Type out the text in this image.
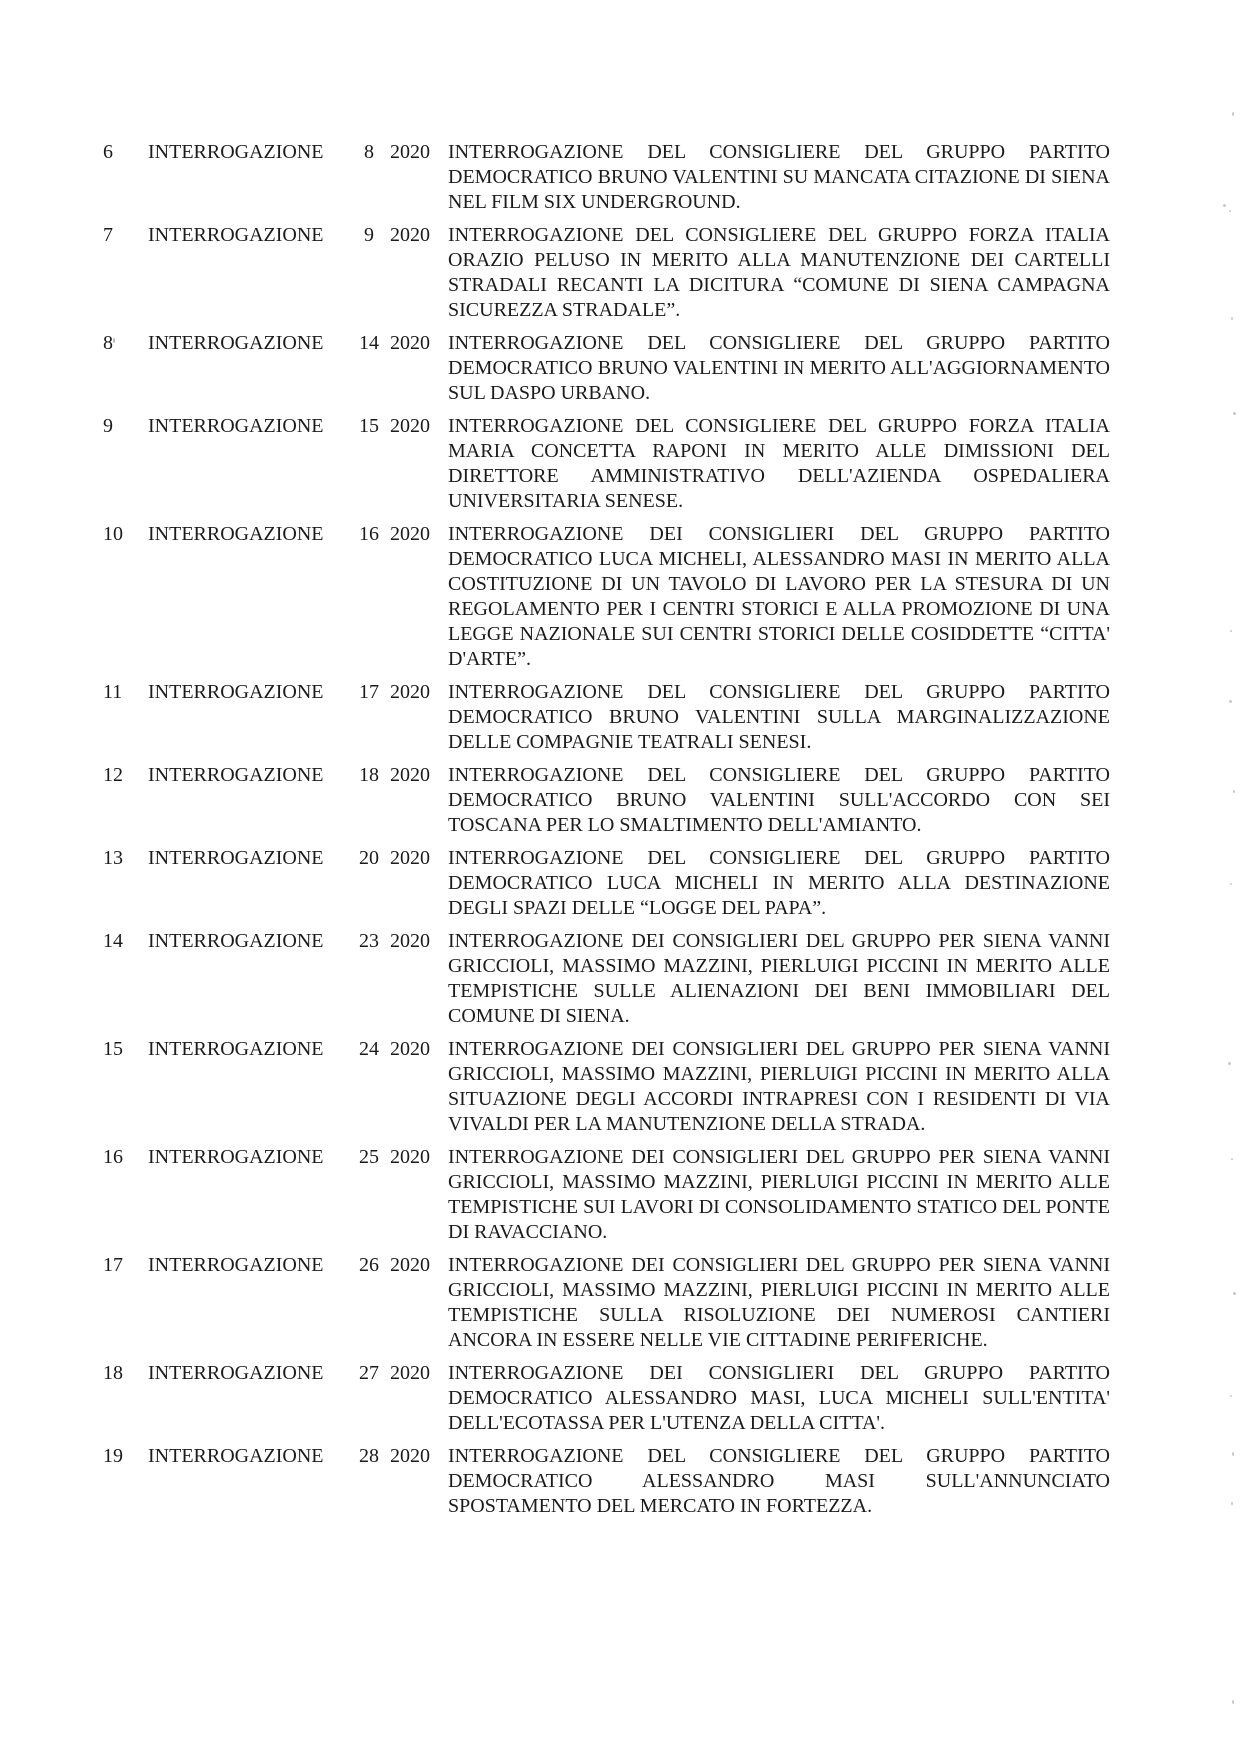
6	INTERROGAZIONE	8 2020 INTERROGAZIONE DEL CONSIGLIERE DEL GRUPPO PARTITO DEMOCRATICO BRUNO VALENTINI SU MANCATA CITAZIONE DI SIENA NEL FILM SIX UNDERGROUND.
7	INTERROGAZIONE	9 2020 INTERROGAZIONE DEL CONSIGLIERE DEL GRUPPO FORZA ITALIA ORAZIO PELUSO IN MERITO ALLA MANUTENZIONE DEI CARTELLI STRADALI RECANTI LA DICITURA “COMUNE DI SIENA CAMPAGNA SICUREZZA STRADALE”.
8	INTERROGAZIONE	14 2020 INTERROGAZIONE DEL CONSIGLIERE DEL GRUPPO PARTITO DEMOCRATICO BRUNO VALENTINI IN MERITO ALL'AGGIORNAMENTO SUL DASPO URBANO.
9	INTERROGAZIONE	15 2020 INTERROGAZIONE DEL CONSIGLIERE DEL GRUPPO FORZA ITALIA MARIA CONCETTA RAPONI IN MERITO ALLE DIMISSIONI DEL DIRETTORE AMMINISTRATIVO DELL'AZIENDA OSPEDALIERA UNIVERSITARIA SENESE.
10	INTERROGAZIONE	16 2020 INTERROGAZIONE DEI CONSIGLIERI DEL GRUPPO PARTITO DEMOCRATICO LUCA MICHELI, ALESSANDRO MASI IN MERITO ALLA COSTITUZIONE DI UN TAVOLO DI LAVORO PER LA STESURA DI UN REGOLAMENTO PER I CENTRI STORICI E ALLA PROMOZIONE DI UNA LEGGE NAZIONALE SUI CENTRI STORICI DELLE COSIDDETTE “CITTA' D'ARTE”.
11	INTERROGAZIONE	17 2020 INTERROGAZIONE DEL CONSIGLIERE DEL GRUPPO PARTITO DEMOCRATICO BRUNO VALENTINI SULLA MARGINALIZZAZIONE DELLE COMPAGNIE TEATRALI SENESI.
12	INTERROGAZIONE	18 2020 INTERROGAZIONE DEL CONSIGLIERE DEL GRUPPO PARTITO DEMOCRATICO BRUNO VALENTINI SULL'ACCORDO CON SEI TOSCANA PER LO SMALTIMENTO DELL'AMIANTO.
13	INTERROGAZIONE	20 2020 INTERROGAZIONE DEL CONSIGLIERE DEL GRUPPO PARTITO DEMOCRATICO LUCA MICHELI IN MERITO ALLA DESTINAZIONE DEGLI SPAZI DELLE “LOGGE DEL PAPA”.
14	INTERROGAZIONE	23 2020 INTERROGAZIONE DEI CONSIGLIERI DEL GRUPPO PER SIENA VANNI GRICCIOLI, MASSIMO MAZZINI, PIERLUIGI PICCINI IN MERITO ALLE TEMPISTICHE SULLE ALIENAZIONI DEI BENI IMMOBILIARI DEL COMUNE DI SIENA.
15	INTERROGAZIONE	24 2020 INTERROGAZIONE DEI CONSIGLIERI DEL GRUPPO PER SIENA VANNI GRICCIOLI, MASSIMO MAZZINI, PIERLUIGI PICCINI IN MERITO ALLA SITUAZIONE DEGLI ACCORDI INTRAPRESI CON I RESIDENTI DI VIA VIVALDI PER LA MANUTENZIONE DELLA STRADA.
16	INTERROGAZIONE	25 2020 INTERROGAZIONE DEI CONSIGLIERI DEL GRUPPO PER SIENA VANNI GRICCIOLI, MASSIMO MAZZINI, PIERLUIGI PICCINI IN MERITO ALLE TEMPISTICHE SUI LAVORI DI CONSOLIDAMENTO STATICO DEL PONTE DI RAVACCIANO.
17	INTERROGAZIONE	26 2020 INTERROGAZIONE DEI CONSIGLIERI DEL GRUPPO PER SIENA VANNI GRICCIOLI, MASSIMO MAZZINI, PIERLUIGI PICCINI IN MERITO ALLE TEMPISTICHE SULLA RISOLUZIONE DEI NUMEROSI CANTIERI ANCORA IN ESSERE NELLE VIE CITTADINE PERIFERICHE.
18	INTERROGAZIONE	27 2020 INTERROGAZIONE DEI CONSIGLIERI DEL GRUPPO PARTITO DEMOCRATICO ALESSANDRO MASI, LUCA MICHELI SULL'ENTITA' DELL'ECOTASSA PER L'UTENZA DELLA CITTA'.
19	INTERROGAZIONE	28 2020 INTERROGAZIONE DEL CONSIGLIERE DEL GRUPPO PARTITO DEMOCRATICO ALESSANDRO MASI SULL'ANNUNCIATO SPOSTAMENTO DEL MERCATO IN FORTEZZA.
